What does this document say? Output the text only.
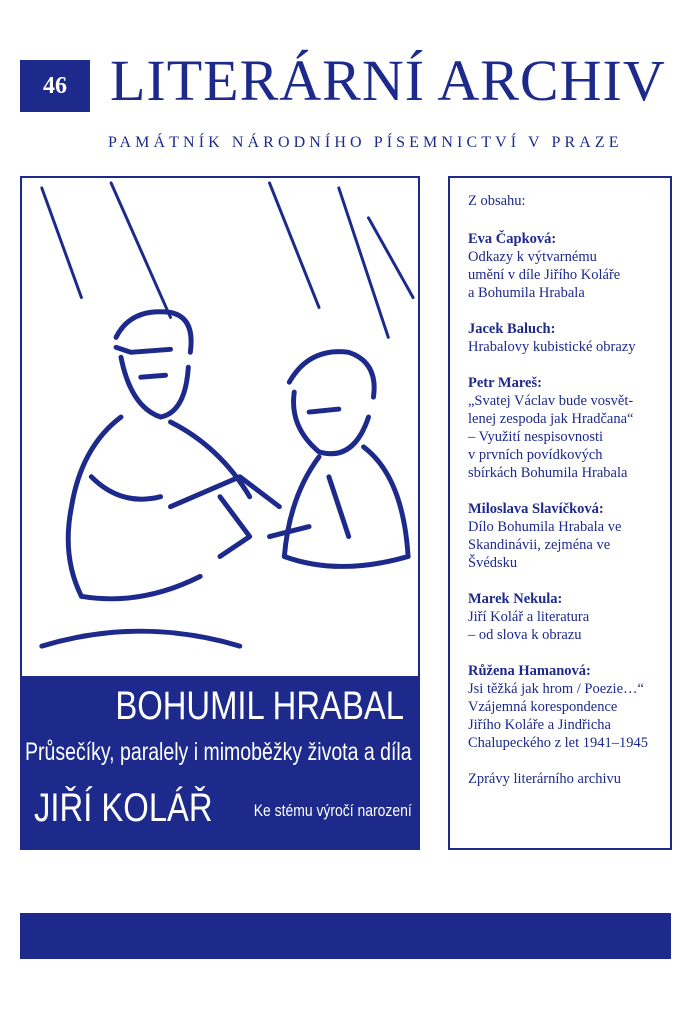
46 LITERÁRNÍ ARCHIV
PAMÁTNÍK NÁRODNÍHO PÍSEMNICTVÍ V PRAZE
BOHUMIL HRABAL
Průsečíky, paralely i mimoběžky života a díla
JIŘÍ KOLÁŘ Ke stému výročí narození
Z obsahu:
Eva Čapková:
Odkazy k výtvarnému
umění v díle Jiřího Koláře
a Bohumila Hrabala
Jacek Baluch:
Hrabalovy kubistické obrazy
Petr Mareš:
„Svatej Václav bude vosvět-
lenej zespoda jak Hradčana“
– Využití nespisovnosti
v prvních povídkových
sbírkách Bohumila Hrabala
Miloslava Slavíčková:
Dílo Bohumila Hrabala ve
Skandinávii, zejména ve
Švédsku
Marek Nekula:
Jiří Kolář a literatura
– od slova k obrazu
Růžena Hamanová:
Jsi těžká jak hrom / Poezie…“
Vzájemná korespondence
Jiřího Koláře a Jindřicha
Chalupeckého z let 1941–1945
Zprávy literárního archivu
